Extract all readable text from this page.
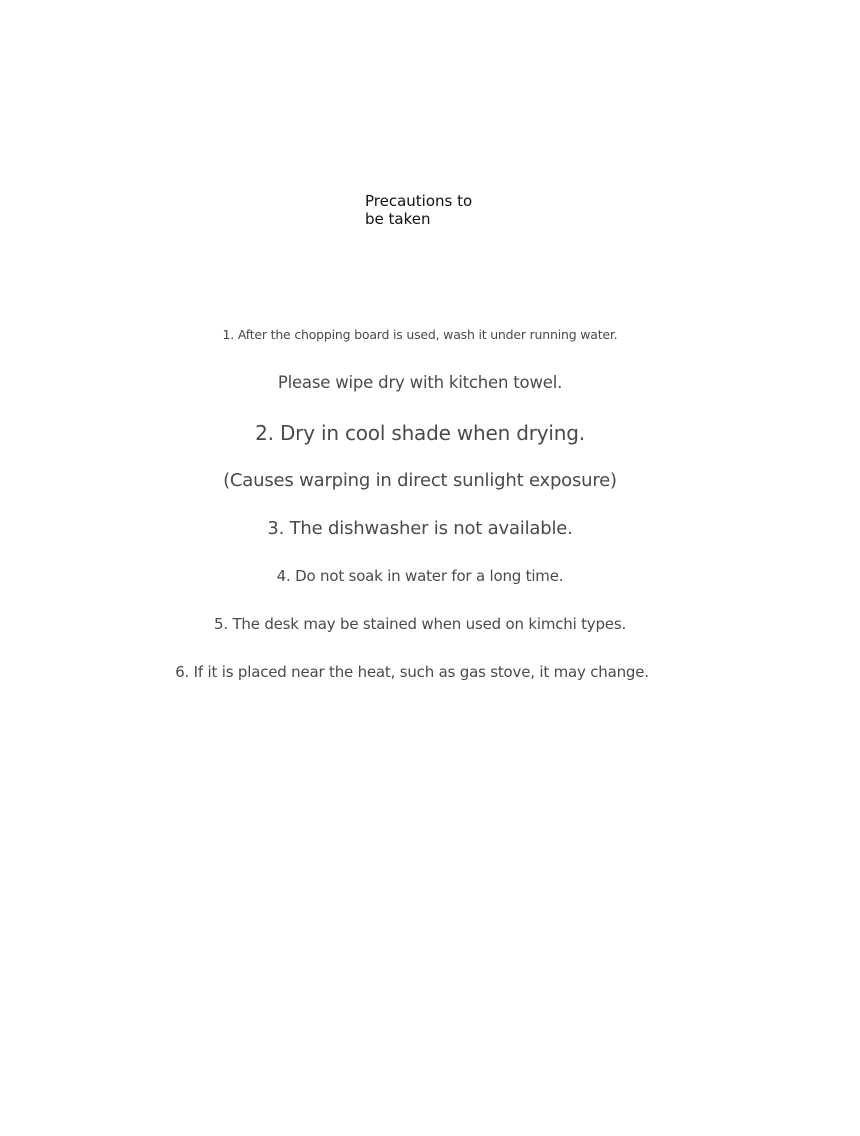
Precautions to
be taken
1. After the chopping board is used, wash it under running water.
Please wipe dry with kitchen towel.
2. Dry in cool shade when drying.
(Causes warping in direct sunlight exposure)
3. The dishwasher is not available.
4. Do not soak in water for a long time.
5. The desk may be stained when used on kimchi types.
6. If it is placed near the heat, such as gas stove, it may change.
